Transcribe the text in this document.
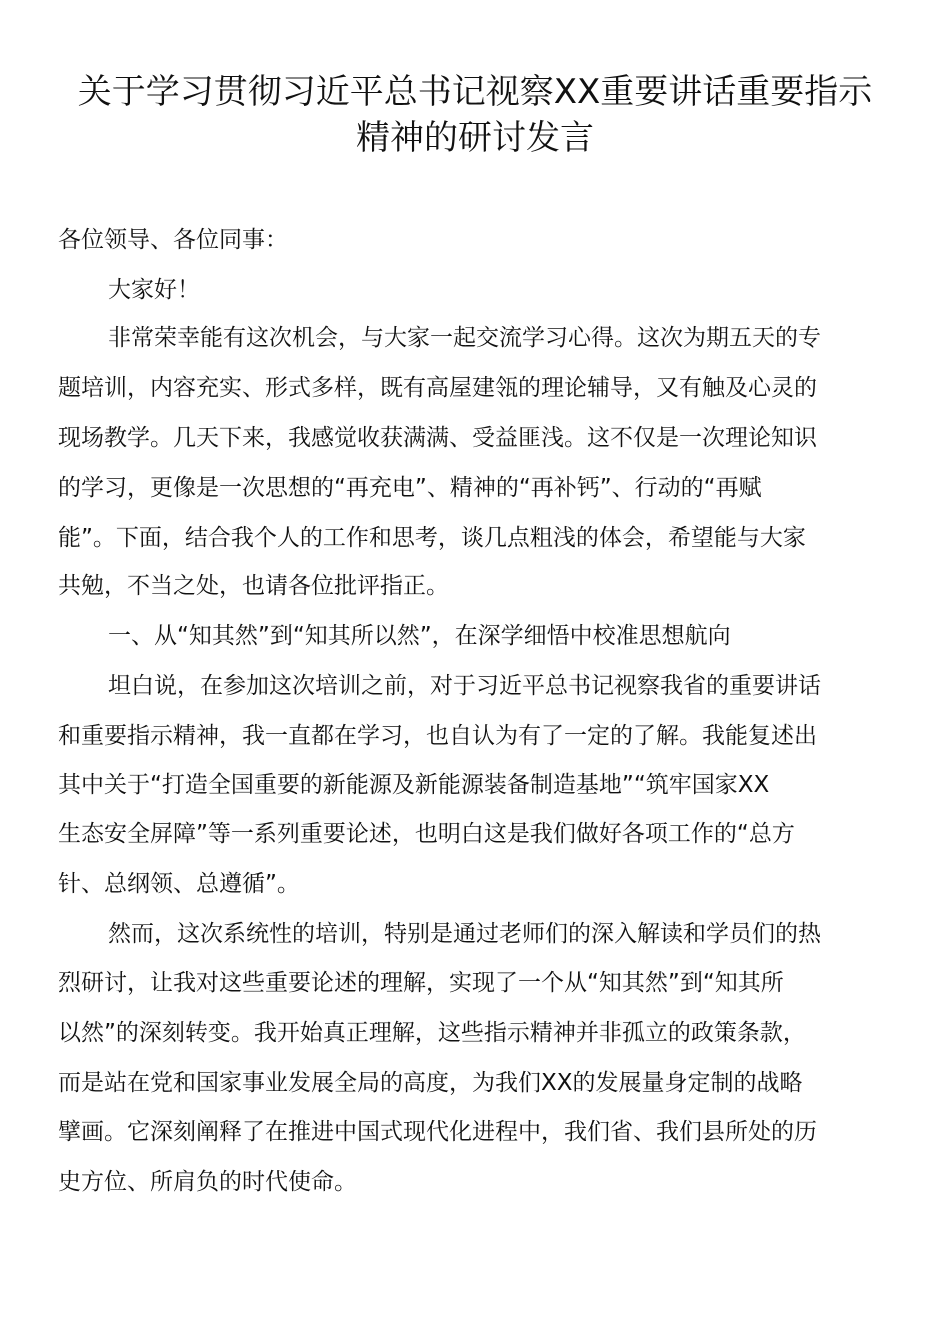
关于学习贯彻习近平总书记视察XX重要讲话重要指示
精神的研讨发言
各位领导、各位同事：
大家好！
非常荣幸能有这次机会，与大家一起交流学习心得。这次为期五天的专
题培训，内容充实、形式多样，既有高屋建瓴的理论辅导，又有触及心灵的
现场教学。几天下来，我感觉收获满满、受益匪浅。这不仅是一次理论知识
的学习，更像是一次思想的“再充电”、精神的“再补钙”、行动的“再赋
能”。下面，结合我个人的工作和思考，谈几点粗浅的体会，希望能与大家
共勉，不当之处，也请各位批评指正。
一、从“知其然”到“知其所以然”，在深学细悟中校准思想航向
坦白说，在参加这次培训之前，对于习近平总书记视察我省的重要讲话
和重要指示精神，我一直都在学习，也自认为有了一定的了解。我能复述出
其中关于“打造全国重要的新能源及新能源装备制造基地”“筑牢国家XX
生态安全屏障”等一系列重要论述，也明白这是我们做好各项工作的“总方
针、总纲领、总遵循”。
然而，这次系统性的培训，特别是通过老师们的深入解读和学员们的热
烈研讨，让我对这些重要论述的理解，实现了一个从“知其然”到“知其所
以然”的深刻转变。我开始真正理解，这些指示精神并非孤立的政策条款，
而是站在党和国家事业发展全局的高度，为我们XX的发展量身定制的战略
擘画。它深刻阐释了在推进中国式现代化进程中，我们省、我们县所处的历
史方位、所肩负的时代使命。
